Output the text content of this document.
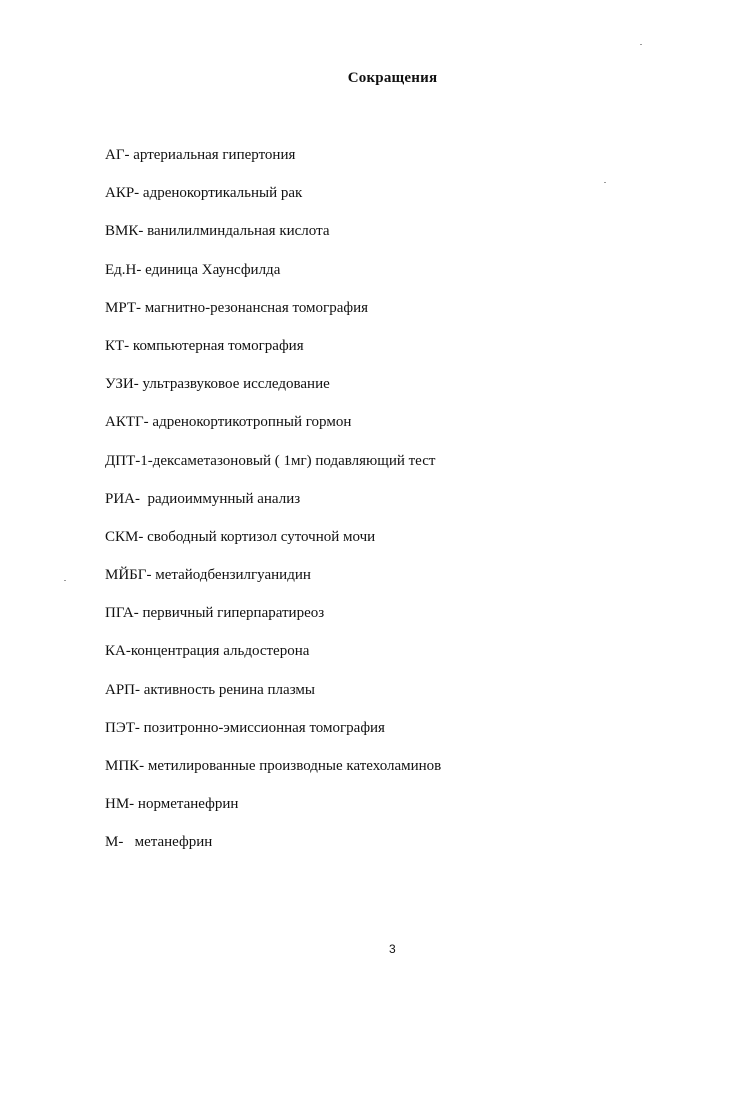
Сокращения
АГ- артериальная гипертония
АКР- адренокортикальный рак
ВМК- ванилилминдальная кислота
Ед.Н- единица Хаунсфилда
МРТ- магнитно-резонансная томография
КТ- компьютерная томография
УЗИ- ультразвуковое исследование
АКТГ- адренокортикотропный гормон
ДПТ-1-дексаметазоновый ( 1мг) подавляющий тест
РИА-  радиоиммунный анализ
СКМ- свободный кортизол суточной мочи
МЙБГ- метайодбензилгуанидин
ПГА- первичный гиперпаратиреоз
КА-концентрация альдостерона
АРП- активность ренина плазмы
ПЭТ- позитронно-эмиссионная томография
МПК- метилированные производные катехоламинов
НМ- норметанефрин
М-   метанефрин
3
